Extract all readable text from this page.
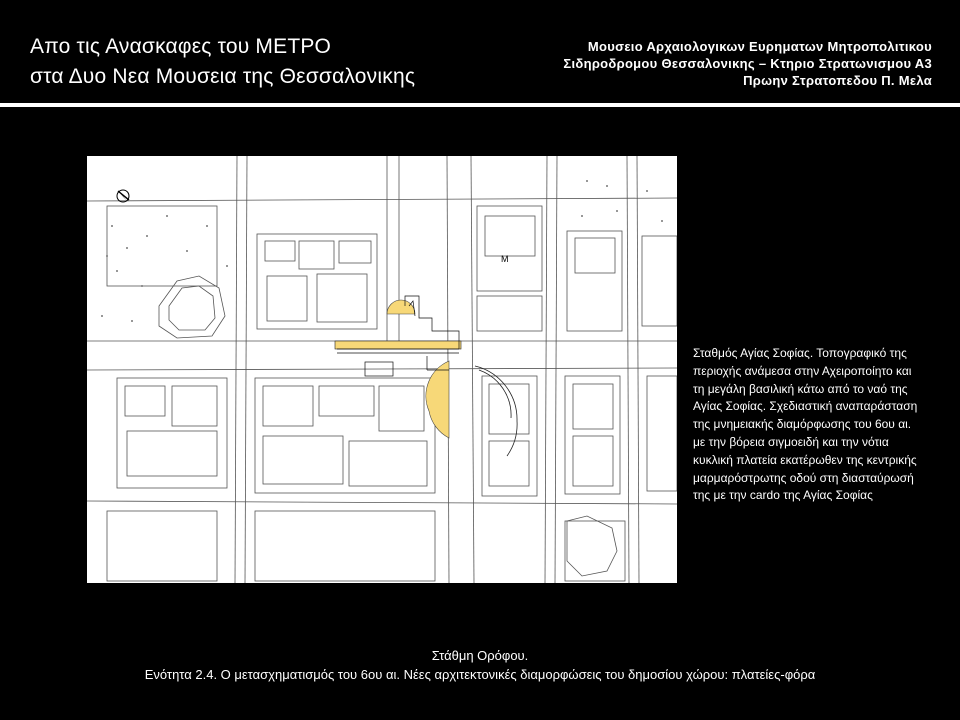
Απο τις Ανασκαφες του ΜΕΤΡΟ
στα Δυο Νεα Μουσεια της Θεσσαλονικης
Μουσειο Αρχαιολογικων Ευρηματων Μητροπολιτικου
Σιδηροδρομου Θεσσαλονικης – Κτηριο Στρατωνισμου Α3
Πρωην Στρατοπεδου Π. Μελα
Μ
Σταθμός Αγίας Σοφίας. Τοπογραφικό της περιοχής ανάμεσα στην Αχειροποίητο και τη μεγάλη βασιλική κάτω από το ναό της Αγίας Σοφίας. Σχεδιαστική αναπαράσταση της μνημειακής διαμόρφωσης του 6ου αι. με την βόρεια σιγμοειδή και την νότια κυκλική πλατεία εκατέρωθεν της κεντρικής μαρμαρόστρωτης οδού στη διασταύρωσή της με την cardo της Αγίας Σοφίας
Στάθμη Ορόφου.
Ενότητα 2.4. Ο μετασχηματισμός του 6ου αι. Νέες αρχιτεκτονικές διαμορφώσεις του δημοσίου χώρου: πλατείες-φόρα
